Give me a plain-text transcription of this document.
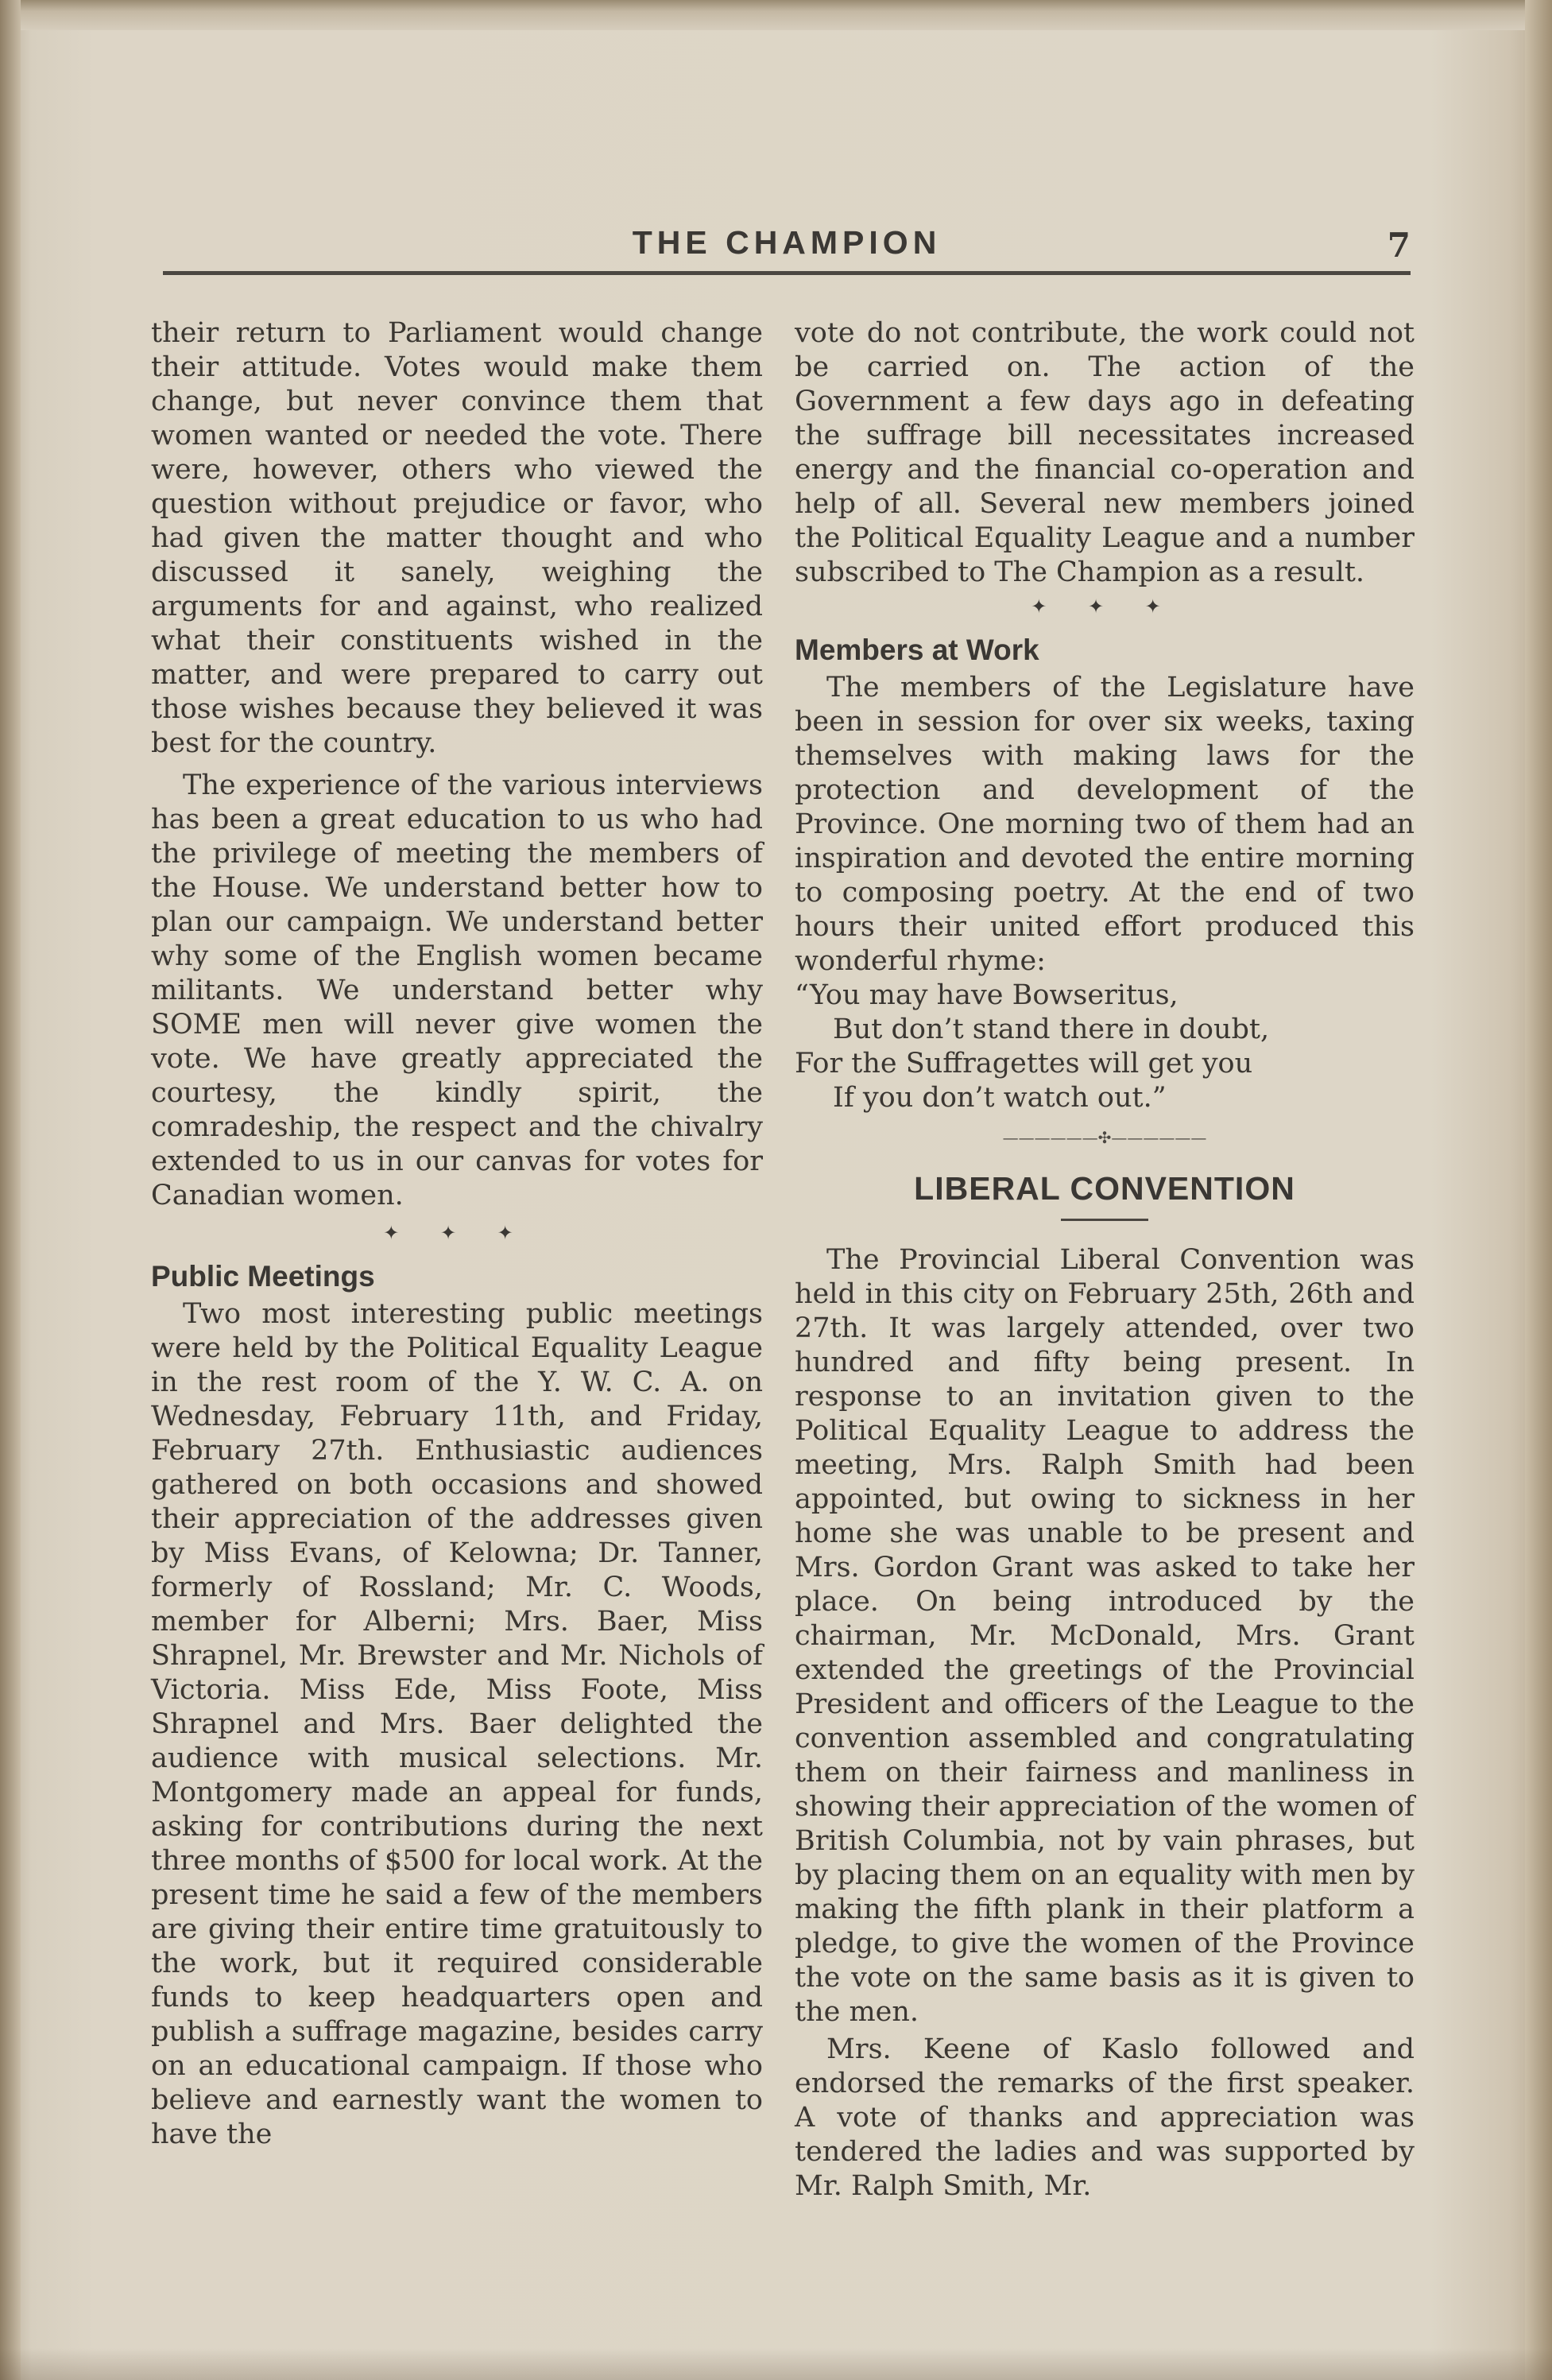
THE CHAMPION	7

their return to Parliament would change their attitude. Votes would make them change, but never convince them that women wanted or needed the vote. There were, however, others who viewed the question without prejudice or favor, who had given the matter thought and who discussed it sanely, weighing the arguments for and against, who realized what their constituents wished in the matter, and were prepared to carry out those wishes because they believed it was best for the country.

The experience of the various interviews has been a great education to us who had the privilege of meeting the members of the House. We understand better how to plan our campaign. We understand better why some of the English women became militants. We understand better why SOME men will never give women the vote. We have greatly appreciated the courtesy, the kindly spirit, the comradeship, the respect and the chivalry extended to us in our canvas for votes for Canadian women.

✦ ✦ ✦
Public Meetings

Two most interesting public meetings were held by the Political Equality League in the rest room of the Y. W. C. A. on Wednesday, February 11th, and Friday, February 27th. Enthusiastic audiences gathered on both occasions and showed their appreciation of the addresses given by Miss Evans, of Kelowna; Dr. Tanner, formerly of Rossland; Mr. C. Woods, member for Alberni; Mrs. Baer, Miss Shrapnel, Mr. Brewster and Mr. Nichols of Victoria. Miss Ede, Miss Foote, Miss Shrapnel and Mrs. Baer delighted the audience with musical selections. Mr. Montgomery made an appeal for funds, asking for contributions during the next three months of $500 for local work. At the present time he said a few of the members are giving their entire time gratuitously to the work, but it required considerable funds to keep headquarters open and publish a suffrage magazine, besides carry on an educational campaign. If those who believe and earnestly want the women to have the

vote do not contribute, the work could not be carried on. The action of the Government a few days ago in defeating the suffrage bill necessitates increased energy and the financial co-operation and help of all. Several new members joined the Political Equality League and a number subscribed to The Champion as a result.

✦ ✦ ✦
Members at Work

The members of the Legislature have been in session for over six weeks, taxing themselves with making laws for the protection and development of the Province. One morning two of them had an inspiration and devoted the entire morning to composing poetry. At the end of two hours their united effort produced this wonderful rhyme:

“You may have Bowseritus,

But don’t stand there in doubt,

For the Suffragettes will get you

If you don’t watch out.”

——————✣——————
LIBERAL CONVENTION

The Provincial Liberal Convention was held in this city on February 25th, 26th and 27th. It was largely attended, over two hundred and fifty being present. In response to an invitation given to the Political Equality League to address the meeting, Mrs. Ralph Smith had been appointed, but owing to sickness in her home she was unable to be present and Mrs. Gordon Grant was asked to take her place. On being introduced by the chairman, Mr. McDonald, Mrs. Grant extended the greetings of the Provincial President and officers of the League to the convention assembled and congratulating them on their fairness and manliness in showing their appreciation of the women of British Columbia, not by vain phrases, but by placing them on an equality with men by making the fifth plank in their platform a pledge, to give the women of the Province the vote on the same basis as it is given to the men.

Mrs. Keene of Kaslo followed and endorsed the remarks of the first speaker. A vote of thanks and appreciation was tendered the ladies and was supported by Mr. Ralph Smith, Mr.
